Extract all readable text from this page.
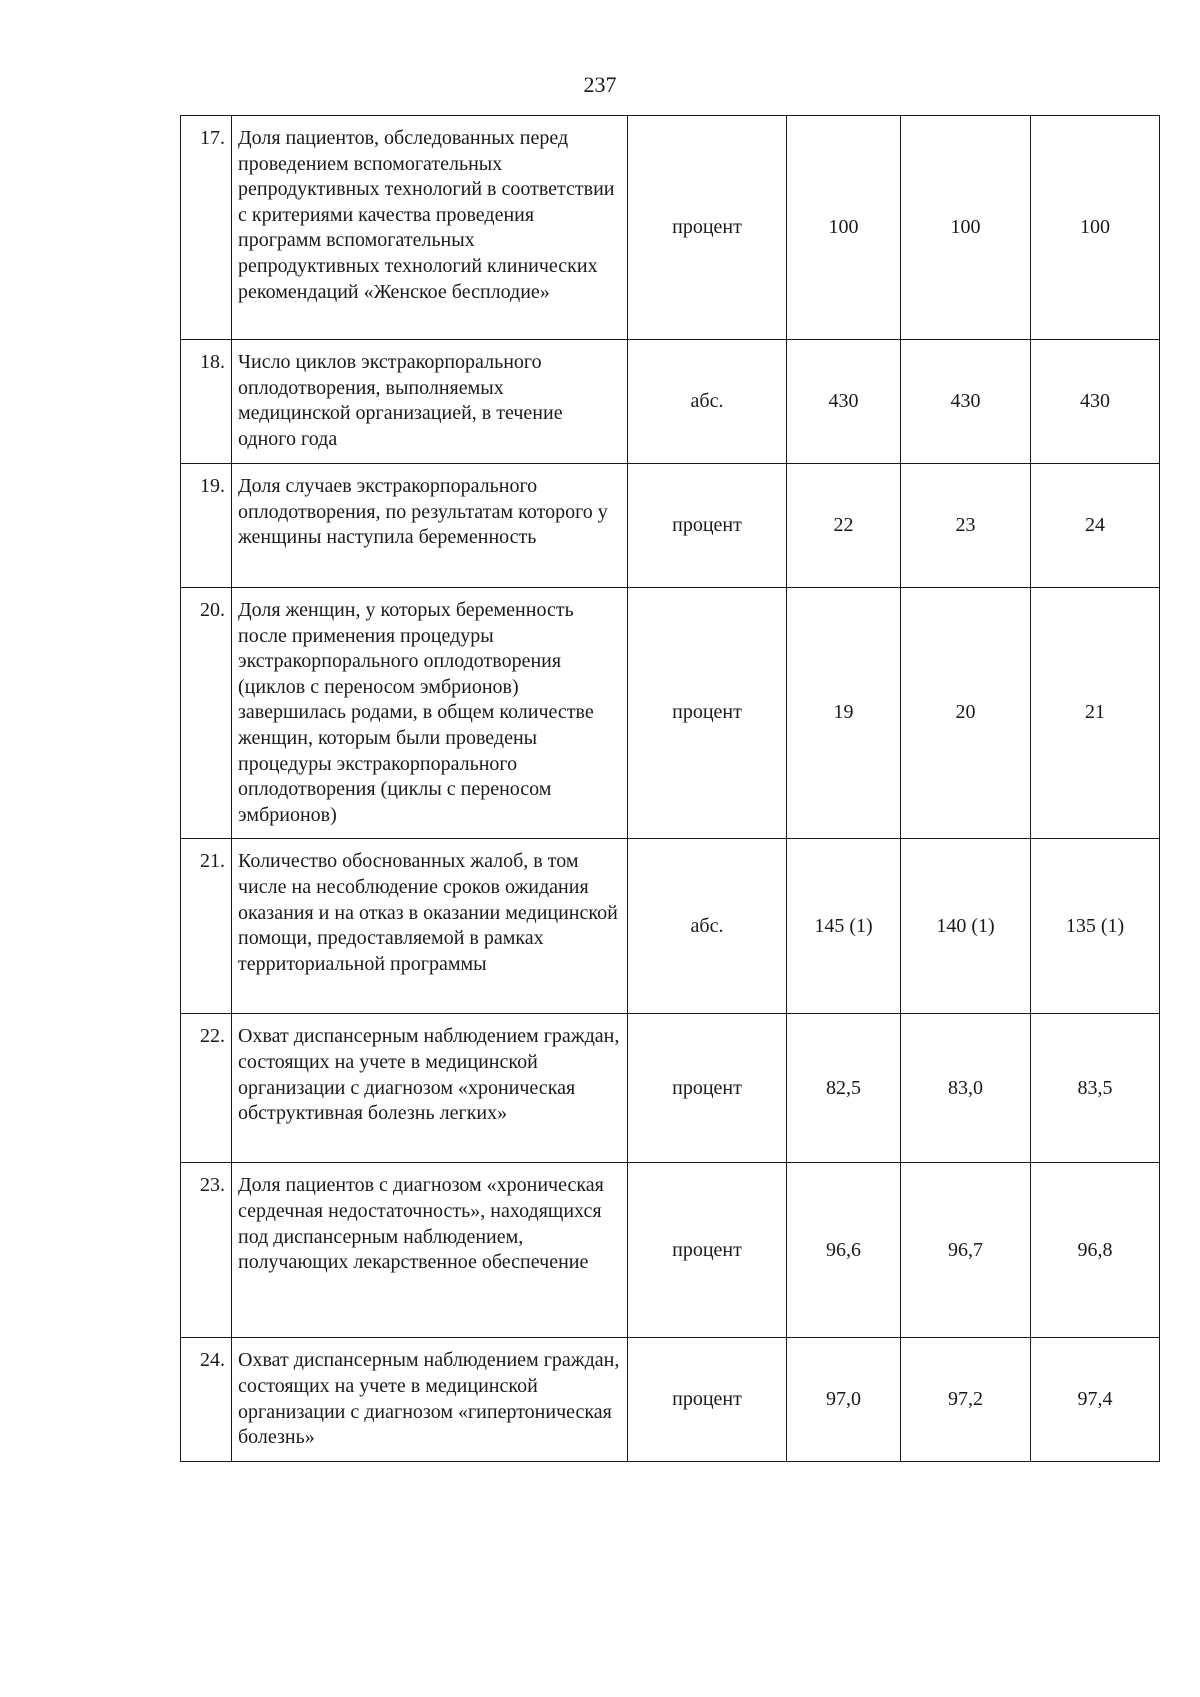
237
17.	Доля пациентов, обследованных перед проведением вспомогательных репродуктивных технологий в соответствии с критериями качества проведения программ вспомогательных репродуктивных технологий клинических рекомендаций «Женское бесплодие»	процент	100	100	100
18.	Число циклов экстракорпорального оплодотворения, выполняемых медицинской организацией, в течение одного года	абс.	430	430	430
19.	Доля случаев экстракорпорального оплодотворения, по результатам которого у женщины наступила беременность	процент	22	23	24
20.	Доля женщин, у которых беременность после применения процедуры экстракорпорального оплодотворения (циклов с переносом эмбрионов) завершилась родами, в общем количестве женщин, которым были проведены процедуры экстракорпорального оплодотворения (циклы с переносом эмбрионов)	процент	19	20	21
21.	Количество обоснованных жалоб, в том числе на несоблюдение сроков ожидания оказания и на отказ в оказании медицинской помощи, предоставляемой в рамках территориальной программы	абс.	145 (1)	140 (1)	135 (1)
22.	Охват диспансерным наблюдением граждан, состоящих на учете в медицинской организации с диагнозом «хроническая обструктивная болезнь легких»	процент	82,5	83,0	83,5
23.	Доля пациентов с диагнозом «хроническая сердечная недостаточность», находящихся под диспансерным наблюдением, получающих лекарственное обеспечение	процент	96,6	96,7	96,8
24.	Охват диспансерным наблюдением граждан, состоящих на учете в медицинской организации с диагнозом «гипертоническая болезнь»	процент	97,0	97,2	97,4
